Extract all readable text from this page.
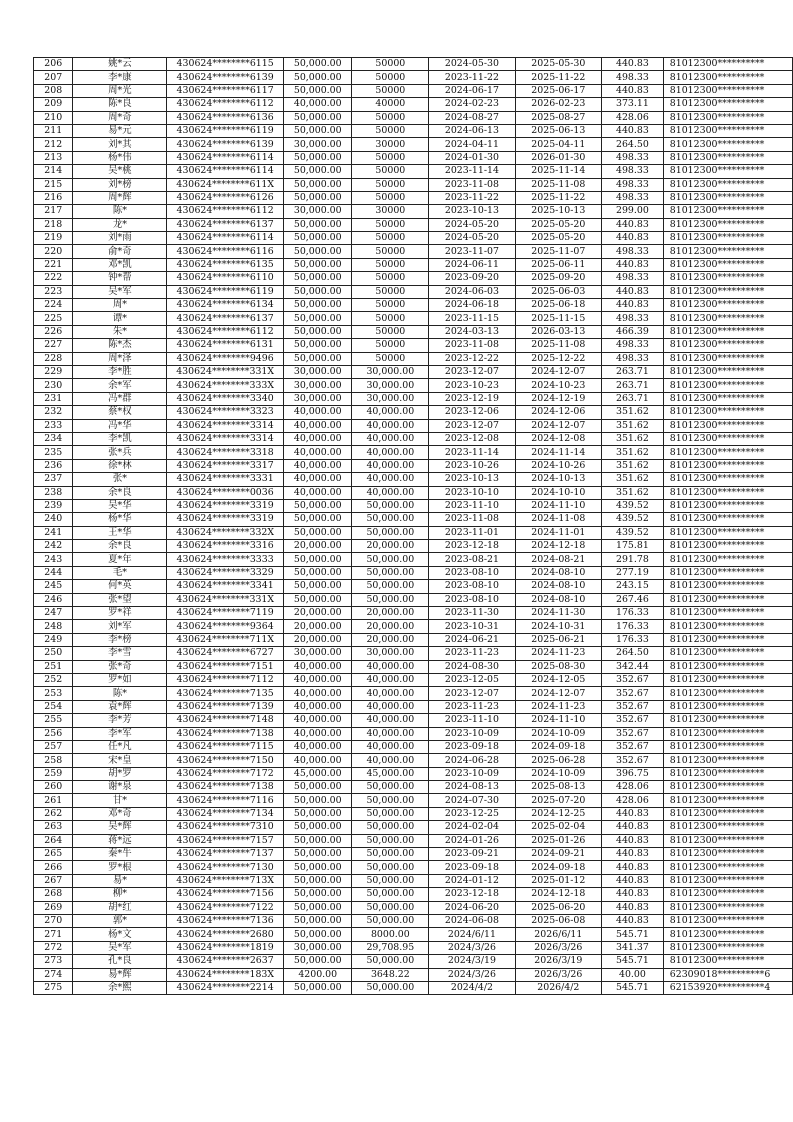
206	姚*云	430624********6115	50,000.00	50000	2024-05-30	2025-05-30	440.83	81012300**********
207	李*康	430624********6139	50,000.00	50000	2023-11-22	2025-11-22	498.33	81012300**********
208	周*光	430624********6117	50,000.00	50000	2024-06-17	2025-06-17	440.83	81012300**********
209	陈*良	430624********6112	40,000.00	40000	2024-02-23	2026-02-23	373.11	81012300**********
210	周*奇	430624********6136	50,000.00	50000	2024-08-27	2025-08-27	428.06	81012300**********
211	易*元	430624********6119	50,000.00	50000	2024-06-13	2025-06-13	440.83	81012300**********
212	刘*其	430624********6139	30,000.00	30000	2024-04-11	2025-04-11	264.50	81012300**********
213	杨*伟	430624********6114	50,000.00	50000	2024-01-30	2026-01-30	498.33	81012300**********
214	吴*桃	430624********6114	50,000.00	50000	2023-11-14	2025-11-14	498.33	81012300**********
215	刘*榜	430624********611X	50,000.00	50000	2023-11-08	2025-11-08	498.33	81012300**********
216	周*辉	430624********6126	50,000.00	50000	2023-11-22	2025-11-22	498.33	81012300**********
217	陈*	430624********6112	30,000.00	30000	2023-10-13	2025-10-13	299.00	81012300**********
218	龙*	430624********6137	50,000.00	50000	2024-05-20	2025-05-20	440.83	81012300**********
219	刘*雨	430624********6114	50,000.00	50000	2024-05-20	2025-05-20	440.83	81012300**********
220	俞*奇	430624********6116	50,000.00	50000	2023-11-07	2025-11-07	498.33	81012300**********
221	邓*凯	430624********6135	50,000.00	50000	2024-06-11	2025-06-11	440.83	81012300**********
222	钟*帮	430624********6110	50,000.00	50000	2023-09-20	2025-09-20	498.33	81012300**********
223	吴*军	430624********6119	50,000.00	50000	2024-06-03	2025-06-03	440.83	81012300**********
224	周*	430624********6134	50,000.00	50000	2024-06-18	2025-06-18	440.83	81012300**********
225	谭*	430624********6137	50,000.00	50000	2023-11-15	2025-11-15	498.33	81012300**********
226	朱*	430624********6112	50,000.00	50000	2024-03-13	2026-03-13	466.39	81012300**********
227	陈*杰	430624********6131	50,000.00	50000	2023-11-08	2025-11-08	498.33	81012300**********
228	周*泽	430624********9496	50,000.00	50000	2023-12-22	2025-12-22	498.33	81012300**********
229	李*胜	430624********331X	30,000.00	30,000.00	2023-12-07	2024-12-07	263.71	81012300**********
230	余*军	430624********333X	30,000.00	30,000.00	2023-10-23	2024-10-23	263.71	81012300**********
231	冯*群	430624********3340	30,000.00	30,000.00	2023-12-19	2024-12-19	263.71	81012300**********
232	蔡*权	430624********3323	40,000.00	40,000.00	2023-12-06	2024-12-06	351.62	81012300**********
233	冯*华	430624********3314	40,000.00	40,000.00	2023-12-07	2024-12-07	351.62	81012300**********
234	李*凯	430624********3314	40,000.00	40,000.00	2023-12-08	2024-12-08	351.62	81012300**********
235	张*兵	430624********3318	40,000.00	40,000.00	2023-11-14	2024-11-14	351.62	81012300**********
236	徐*林	430624********3317	40,000.00	40,000.00	2023-10-26	2024-10-26	351.62	81012300**********
237	张*	430624********3331	40,000.00	40,000.00	2023-10-13	2024-10-13	351.62	81012300**********
238	余*良	430624********0036	40,000.00	40,000.00	2023-10-10	2024-10-10	351.62	81012300**********
239	吴*华	430624********3319	50,000.00	50,000.00	2023-11-10	2024-11-10	439.52	81012300**********
240	杨*华	430624********3319	50,000.00	50,000.00	2023-11-08	2024-11-08	439.52	81012300**********
241	王*华	430624********332X	50,000.00	50,000.00	2023-11-01	2024-11-01	439.52	81012300**********
242	余*良	430624********3316	20,000.00	20,000.00	2023-12-18	2024-12-18	175.81	81012300**********
243	夏*年	430624********3333	50,000.00	50,000.00	2023-08-21	2024-08-21	291.78	81012300**********
244	毛*	430624********3329	50,000.00	50,000.00	2023-08-10	2024-08-10	277.19	81012300**********
245	何*英	430624********3341	50,000.00	50,000.00	2023-08-10	2024-08-10	243.15	81012300**********
246	张*望	430624********331X	50,000.00	50,000.00	2023-08-10	2024-08-10	267.46	81012300**********
247	罗*祥	430624********7119	20,000.00	20,000.00	2023-11-30	2024-11-30	176.33	81012300**********
248	刘*军	430624********9364	20,000.00	20,000.00	2023-10-31	2024-10-31	176.33	81012300**********
249	李*榜	430624********711X	20,000.00	20,000.00	2024-06-21	2025-06-21	176.33	81012300**********
250	李*雪	430624********6727	30,000.00	30,000.00	2023-11-23	2024-11-23	264.50	81012300**********
251	张*奇	430624********7151	40,000.00	40,000.00	2024-08-30	2025-08-30	342.44	81012300**********
252	罗*如	430624********7112	40,000.00	40,000.00	2023-12-05	2024-12-05	352.67	81012300**********
253	陈*	430624********7135	40,000.00	40,000.00	2023-12-07	2024-12-07	352.67	81012300**********
254	袁*辉	430624********7139	40,000.00	40,000.00	2023-11-23	2024-11-23	352.67	81012300**********
255	李*芳	430624********7148	40,000.00	40,000.00	2023-11-10	2024-11-10	352.67	81012300**********
256	李*军	430624********7138	40,000.00	40,000.00	2023-10-09	2024-10-09	352.67	81012300**********
257	任*凡	430624********7115	40,000.00	40,000.00	2023-09-18	2024-09-18	352.67	81012300**********
258	宋*皇	430624********7150	40,000.00	40,000.00	2024-06-28	2025-06-28	352.67	81012300**********
259	胡*罗	430624********7172	45,000.00	45,000.00	2023-10-09	2024-10-09	396.75	81012300**********
260	谢*泉	430624********7138	50,000.00	50,000.00	2024-08-13	2025-08-13	428.06	81012300**********
261	甘*	430624********7116	50,000.00	50,000.00	2024-07-30	2025-07-20	428.06	81012300**********
262	邓*奇	430624********7134	50,000.00	50,000.00	2023-12-25	2024-12-25	440.83	81012300**********
263	吴*辉	430624********7310	50,000.00	50,000.00	2024-02-04	2025-02-04	440.83	81012300**********
264	蒋*远	430624********7157	50,000.00	50,000.00	2024-01-26	2025-01-26	440.83	81012300**********
265	秦*牛	430624********7137	50,000.00	50,000.00	2023-09-21	2024-09-21	440.83	81012300**********
266	罗*根	430624********7130	50,000.00	50,000.00	2023-09-18	2024-09-18	440.83	81012300**********
267	易*	430624********713X	50,000.00	50,000.00	2024-01-12	2025-01-12	440.83	81012300**********
268	柳*	430624********7156	50,000.00	50,000.00	2023-12-18	2024-12-18	440.83	81012300**********
269	胡*红	430624********7122	50,000.00	50,000.00	2024-06-20	2025-06-20	440.83	81012300**********
270	郭*	430624********7136	50,000.00	50,000.00	2024-06-08	2025-06-08	440.83	81012300**********
271	杨*文	430624********2680	50,000.00	8000.00	2024/6/11	2026/6/11	545.71	81012300**********
272	吴*军	430624********1819	30,000.00	29,708.95	2024/3/26	2026/3/26	341.37	81012300**********
273	孔*良	430624********2637	50,000.00	50,000.00	2024/3/19	2026/3/19	545.71	81012300**********
274	易*辉	430624********183X	4200.00	3648.22	2024/3/26	2026/3/26	40.00	62309018**********6
275	余*熙	430624********2214	50,000.00	50,000.00	2024/4/2	2026/4/2	545.71	62153920**********4
